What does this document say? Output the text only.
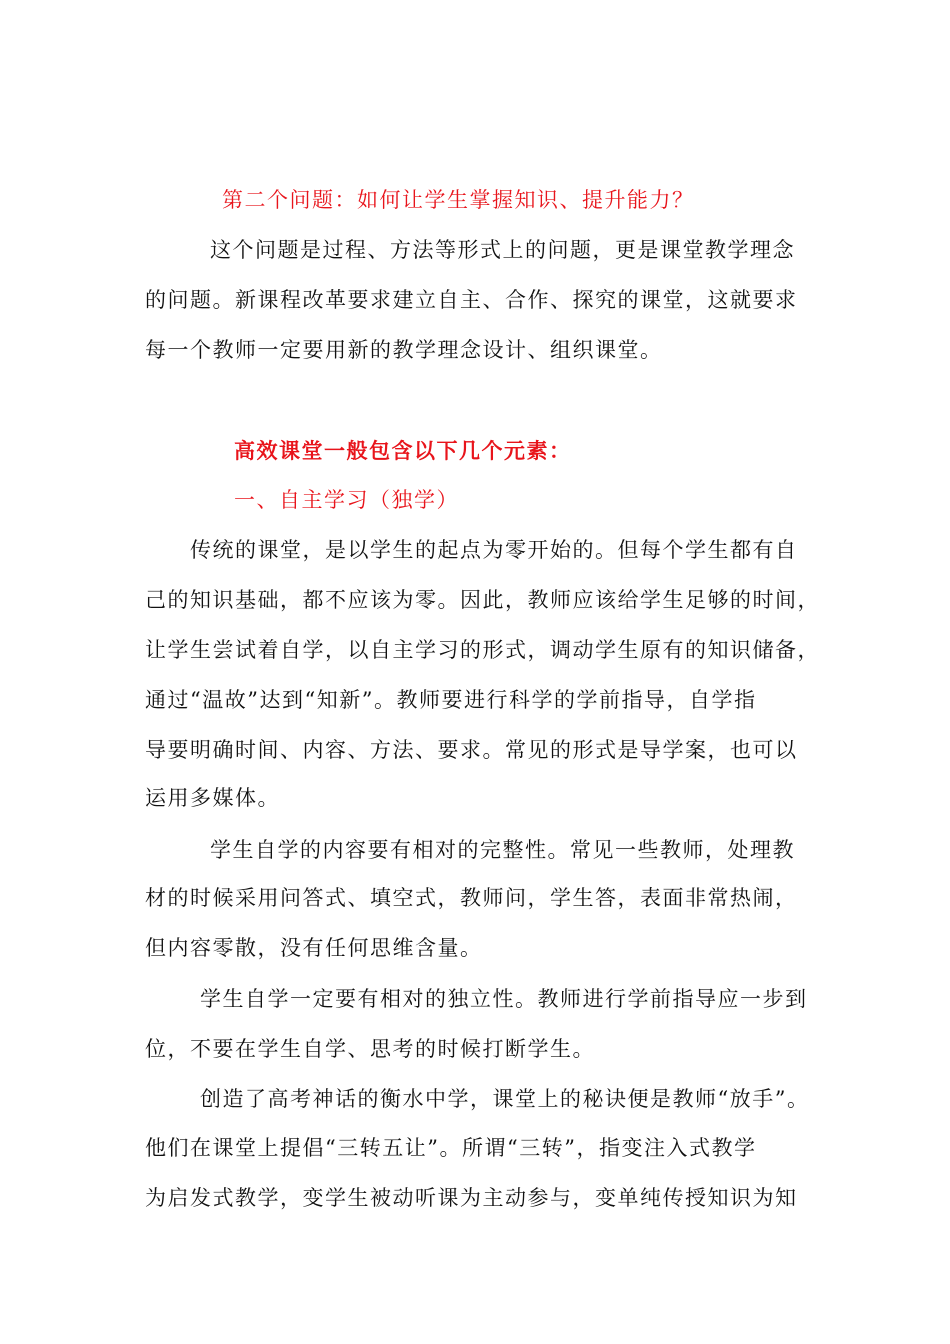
第二个问题：如何让学生掌握知识、提升能力？
这个问题是过程、方法等形式上的问题，更是课堂教学理念
的问题。新课程改革要求建立自主、合作、探究的课堂，这就要求
每一个教师一定要用新的教学理念设计、组织课堂。
高效课堂一般包含以下几个元素：
一、自主学习（独学）
传统的课堂，是以学生的起点为零开始的。但每个学生都有自
己的知识基础，都不应该为零。因此，教师应该给学生足够的时间，
让学生尝试着自学，以自主学习的形式，调动学生原有的知识储备，
通过“温故”达到“知新”。教师要进行科学的学前指导，自学指
导要明确时间、内容、方法、要求。常见的形式是导学案，也可以
运用多媒体。
学生自学的内容要有相对的完整性。常见一些教师，处理教
材的时候采用问答式、填空式，教师问，学生答，表面非常热闹，
但内容零散，没有任何思维含量。
学生自学一定要有相对的独立性。教师进行学前指导应一步到
位，不要在学生自学、思考的时候打断学生。
创造了高考神话的衡水中学，课堂上的秘诀便是教师“放手”。
他们在课堂上提倡“三转五让”。所谓“三转”，指变注入式教学
为启发式教学，变学生被动听课为主动参与，变单纯传授知识为知
